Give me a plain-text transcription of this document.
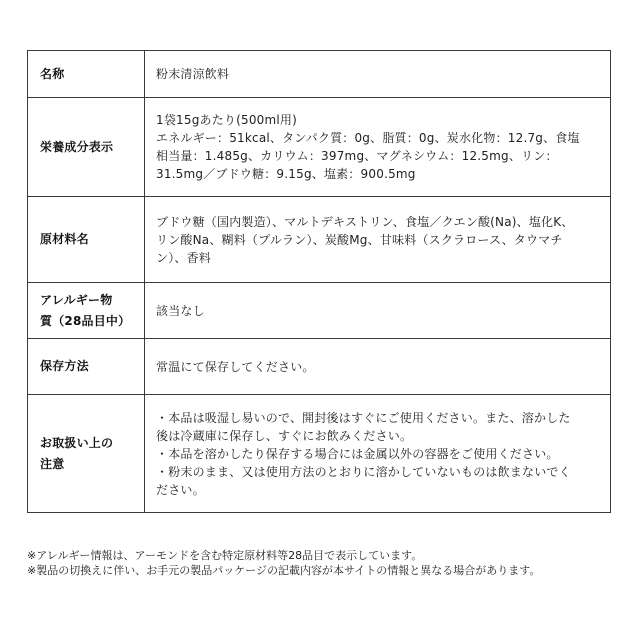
名称	粉末清涼飲料

栄養成分表示	1袋15gあたり(500ml用)
エネルギー：51kcal、タンパク質：0g、脂質：0g、炭水化物：12.7g、食塩
相当量：1.485g、カリウム：397mg、マグネシウム：12.5mg、リン：
31.5mg／ブドウ糖：9.15g、塩素：900.5mg

原材料名	ブドウ糖（国内製造）、マルトデキストリン、食塩／クエン酸(Na)、塩化K、
リン酸Na、糊料（プルラン）、炭酸Mg、甘味料（スクラロース、タウマチ
ン）、香料

アレルギー物
質（28品目中）	該当なし

保存方法	常温にて保存してください。

お取扱い上の
注意	・本品は吸湿し易いので、開封後はすぐにご使用ください。また、溶かした
後は冷蔵庫に保存し、すぐにお飲みください。
・本品を溶かしたり保存する場合には金属以外の容器をご使用ください。
・粉末のまま、又は使用方法のとおりに溶かしていないものは飲まないでく
ださい。
※アレルギー情報は、アーモンドを含む特定原材料等28品目で表示しています。
※製品の切換えに伴い、お手元の製品パッケージの記載内容が本サイトの情報と異なる場合があります。
